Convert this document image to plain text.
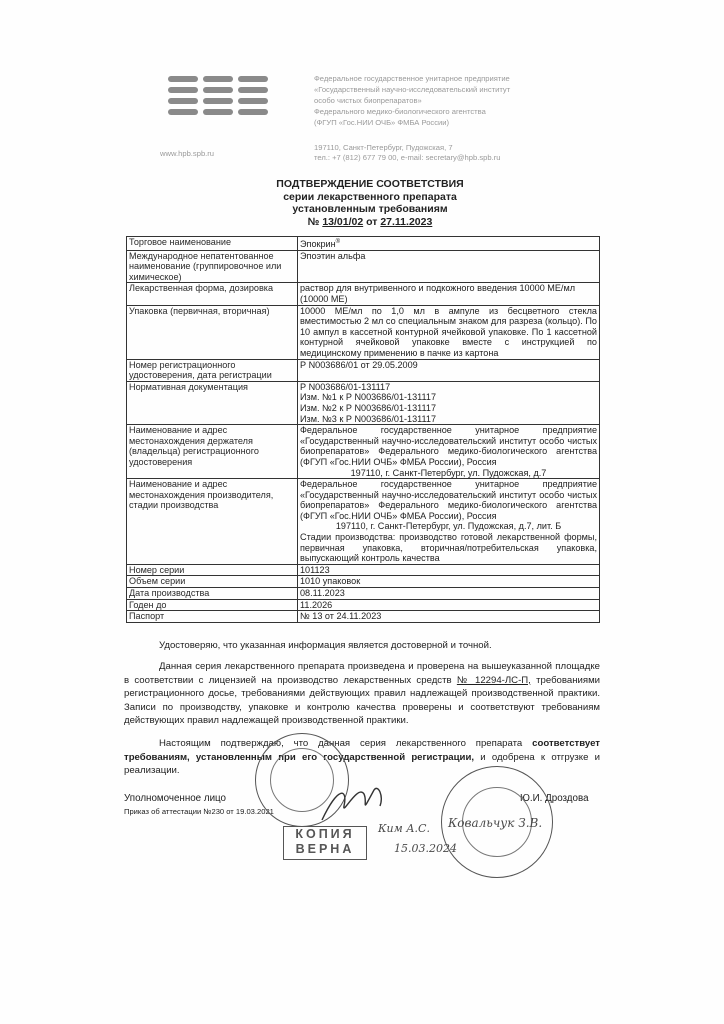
Федеральное государственное унитарное предприятие
«Государственный научно-исследовательский институт
особо чистых биопрепаратов»
Федерального медико-биологического агентства
(ФГУП «Гос.НИИ ОЧБ» ФМБА России)
www.hpb.spb.ru
197110, Санкт-Петербург, Пудожская, 7
тел.: +7 (812) 677 79 00, e-mail: secretary@hpb.spb.ru
ПОДТВЕРЖДЕНИЕ СООТВЕТСТВИЯ
серии лекарственного препарата
установленным требованиям
№ 13/01/02 от 27.11.2023
Торговое наименование	Эпокрин®
Международное непатентованное наименование (группировочное или химическое)	Эпоэтин альфа
Лекарственная форма, дозировка	раствор для внутривенного и подкожного введения 10000 МЕ/мл (10000 МЕ)
Упаковка (первичная, вторичная)	10000 МЕ/мл по 1,0 мл в ампуле из бесцветного стекла вместимостью 2 мл со специальным знаком для разреза (кольцо). По 10 ампул в кассетной контурной ячейковой упаковке. По 1 кассетной контурной ячейковой упаковке вместе с инструкцией по медицинскому применению в пачке из картона
Номер регистрационного удостоверения, дата регистрации	Р N003686/01 от 29.05.2009
Нормативная документация	Р N003686/01-131117
Изм. №1 к Р N003686/01-131117
Изм. №2 к Р N003686/01-131117
Изм. №3 к Р N003686/01-131117

Наименование и адрес местонахождения держателя (владельца) регистрационного удостоверения	Федеральное государственное унитарное предприятие «Государственный научно-исследовательский институт особо чистых биопрепаратов» Федерального медико-биологического агентства (ФГУП «Гос.НИИ ОЧБ» ФМБА России), Россия
197110, г. Санкт-Петербург, ул. Пудожская, д.7

Наименование и адрес местонахождения производителя, стадии производства	Федеральное государственное унитарное предприятие «Государственный научно-исследовательский институт особо чистых биопрепаратов» Федерального медико-биологического агентства (ФГУП «Гос.НИИ ОЧБ» ФМБА России), Россия
197110, г. Санкт-Петербург, ул. Пудожская, д.7, лит. Б
Стадии производства: производство готовой лекарственной формы, первичная упаковка, вторичная/потребительская упаковка, выпускающий контроль качества

Номер серии	101123
Объем серии	1010 упаковок
Дата производства	08.11.2023
Годен до	11.2026
Паспорт	№ 13 от 24.11.2023
Удостоверяю, что указанная информация является достоверной и точной.
Данная серия лекарственного препарата произведена и проверена на вышеуказанной площадке в соответствии с лицензией на производство лекарственных средств № 12294-ЛС-П, требованиями регистрационного досье, требованиями действующих правил надлежащей производственной практики. Записи по производству, упаковке и контролю качества проверены и соответствуют требованиям действующих правил надлежащей производственной практики.
Настоящим подтверждаю, что данная серия лекарственного препарата соответствует требованиям, установленным при его государственной регистрации, и одобрена к отгрузке и реализации.
Уполномоченное лицо	Ю.И. Дроздова
Приказ об аттестации №230 от 19.03.2021
КОПИЯ
ВЕРНА
Ким А.С. Ковальчук З.В.
15.03.2024
